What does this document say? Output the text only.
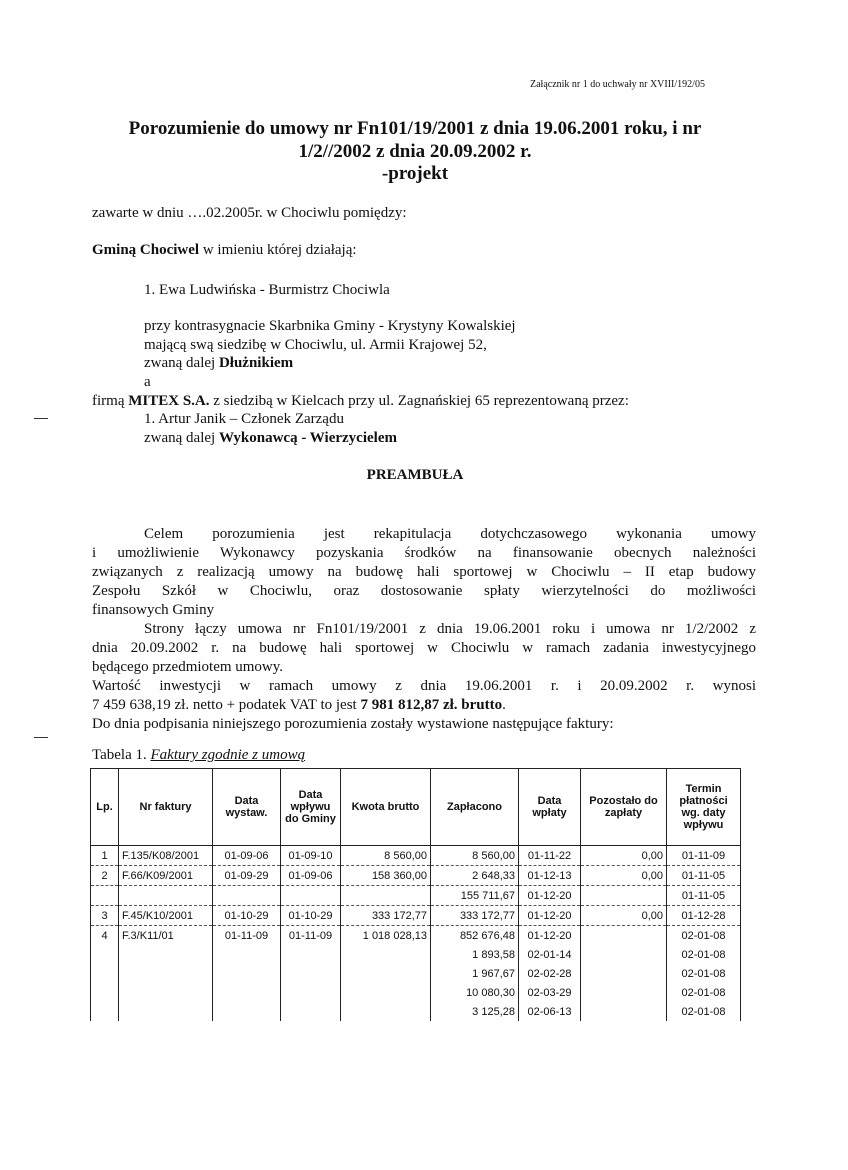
Załącznik nr 1 do uchwały nr XVIII/192/05
Porozumienie do umowy nr Fn101/19/2001 z dnia 19.06.2001 roku, i nr
1/2//2002 z dnia 20.09.2002 r.
-projekt
zawarte w dniu ….02.2005r. w Chociwlu pomiędzy:
Gminą Chociwel w imieniu której działają:
1. Ewa Ludwińska - Burmistrz Chociwla
przy kontrasygnacie Skarbnika Gminy - Krystyny Kowalskiej
mającą swą siedzibę w Chociwlu, ul. Armii Krajowej 52,
zwaną dalej Dłużnikiem
a
firmą MITEX S.A. z siedzibą w Kielcach przy ul. Zagnańskiej 65 reprezentowaną przez:
1. Artur Janik – Członek Zarządu
zwaną dalej Wykonawcą - Wierzycielem
PREAMBUŁA
Celem porozumienia jest rekapitulacja dotychczasowego wykonania umowy
i umożliwienie Wykonawcy pozyskania środków na finansowanie obecnych należności
związanych z realizacją umowy na budowę hali sportowej w Chociwlu – II etap budowy
Zespołu Szkół w Chociwlu, oraz dostosowanie spłaty wierzytelności do możliwości
finansowych Gminy
Strony łączy umowa nr Fn101/19/2001 z dnia 19.06.2001 roku i umowa nr 1/2/2002 z
dnia 20.09.2002 r. na budowę hali sportowej w Chociwlu w ramach zadania inwestycyjnego
będącego przedmiotem umowy.
Wartość inwestycji w ramach umowy z dnia 19.06.2001 r. i 20.09.2002 r. wynosi
7 459 638,19 zł. netto + podatek VAT to jest 7 981 812,87 zł. brutto.
Do dnia podpisania niniejszego porozumienia zostały wystawione następujące faktury:
Tabela 1. Faktury zgodnie z umową
Lp.	Nr faktury	Data wystaw.	Data wpływu do Gminy	Kwota brutto	Zapłacono	Data wpłaty	Pozostało do zapłaty	Termin płatności wg. daty wpływu
1	F.135/K08/2001	01-09-06	01-09-10	8 560,00	8 560,00	01-11-22	0,00	01-11-09
2	F.66/K09/2001	01-09-29	01-09-06	158 360,00	2 648,33	01-12-13	0,00	01-11-05
					155 711,67	01-12-20		01-11-05
3	F.45/K10/2001	01-10-29	01-10-29	333 172,77	333 172,77	01-12-20	0,00	01-12-28
4	F.3/K11/01	01-11-09	01-11-09	1 018 028,13	852 676,48	01-12-20		02-01-08
					1 893,58	02-01-14		02-01-08
					1 967,67	02-02-28		02-01-08
					10 080,30	02-03-29		02-01-08
					3 125,28	02-06-13		02-01-08
